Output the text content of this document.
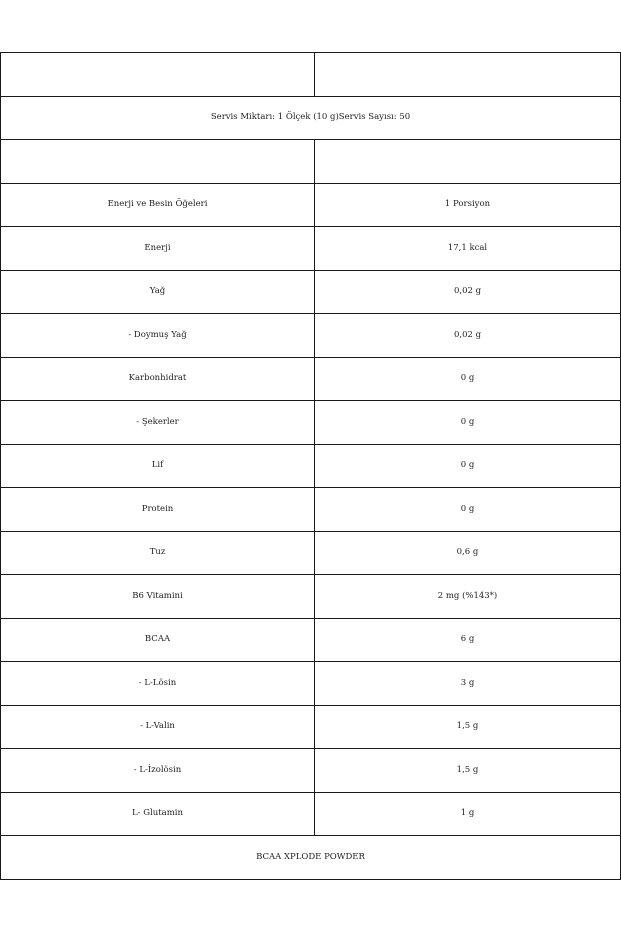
Servis Miktarı: 1 Ölçek (10 g)Servis Sayısı: 50	

Enerji ve Besin Öğeleri	1 Porsiyon
Enerji	17,1 kcal
Yağ	0,02 g
- Doymuş Yağ	0,02 g
Karbonhidrat	0 g
- Şekerler	0 g
Lif	0 g
Protein	0 g
Tuz	0,6 g
B6 Vitamini	2 mg (%143*)
BCAA	6 g
- L-Lösin	3 g
- L-Valin	1,5 g
- L-İzolösin	1,5 g
L- Glutamin	1 g
BCAA XPLODE POWDER	
